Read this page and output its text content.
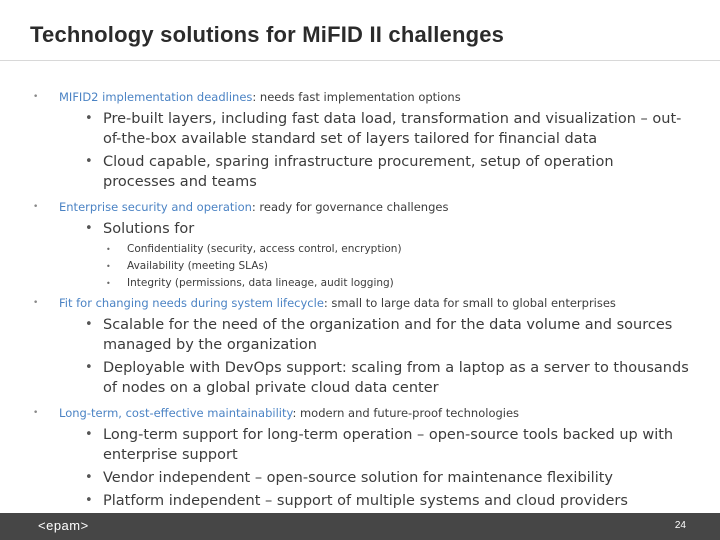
Technology solutions for MiFID II challenges
• MIFID2 implementation deadlines: needs fast implementation options
• Pre-built layers, including fast data load, transformation and visualization – out-of-the-box available standard set of layers tailored for financial data
• Cloud capable, sparing infrastructure procurement, setup of operation processes and teams
• Enterprise security and operation: ready for governance challenges
• Solutions for
• Confidentiality (security, access control, encryption)
• Availability (meeting SLAs)
• Integrity (permissions, data lineage, audit logging)
• Fit for changing needs during system lifecycle: small to large data for small to global enterprises
• Scalable for the need of the organization and for the data volume and sources managed by the organization
• Deployable with DevOps support: scaling from a laptop as a server to thousands of nodes on a global private cloud data center
• Long-term, cost-effective maintainability: modern and future-proof technologies
• Long-term support for long-term operation – open-source tools backed up with enterprise support
• Vendor independent – open-source solution for maintenance flexibility
• Platform independent – support of multiple systems and cloud providers
<epam>	24
